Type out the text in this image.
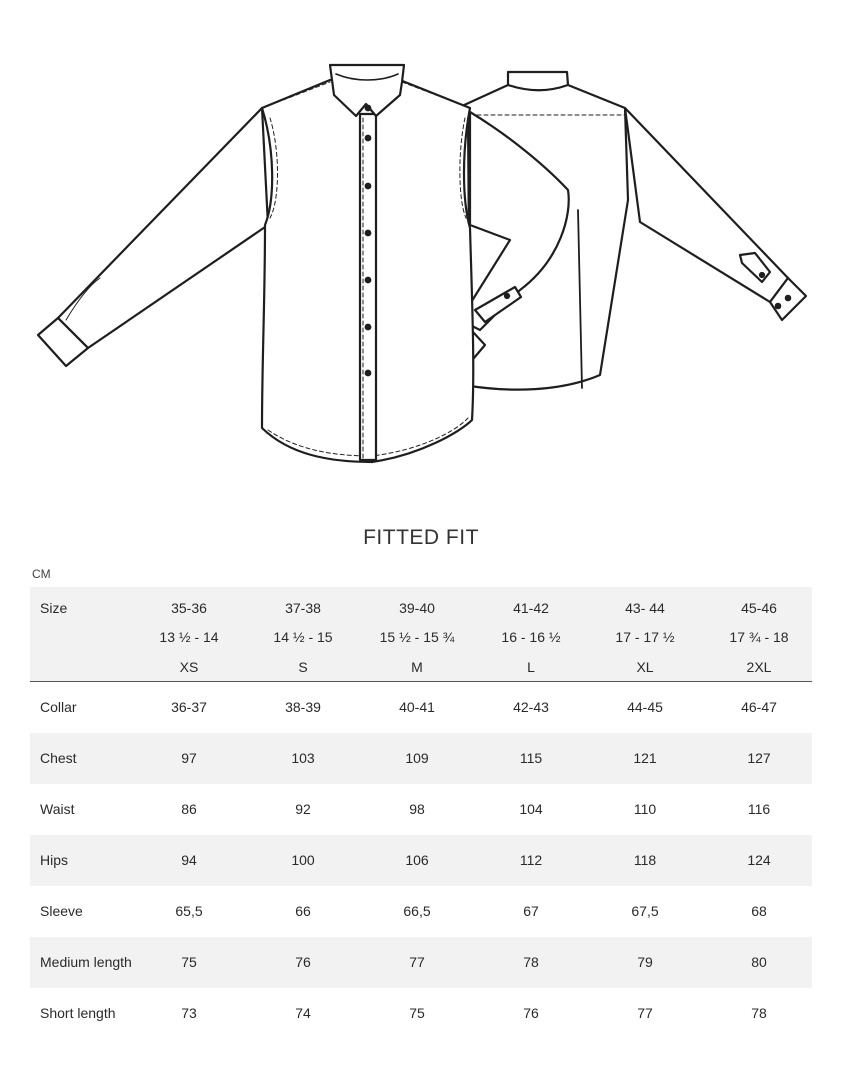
FITTED FIT
CM
Size	35-36	37-38	39-40	41-42	43- 44	45-46
13 ½ - 14	14 ½ - 15	15 ½ - 15 ¾	16 - 16 ½	17 - 17 ½	17 ¾ - 18
XS	S	M	L	XL	2XL
Collar	36-37	38-39	40-41	42-43	44-45	46-47
Chest	97	103	109	115	121	127
Waist	86	92	98	104	110	116
Hips	94	100	106	112	118	124
Sleeve	65,5	66	66,5	67	67,5	68
Medium length	75	76	77	78	79	80
Short length	73	74	75	76	77	78
